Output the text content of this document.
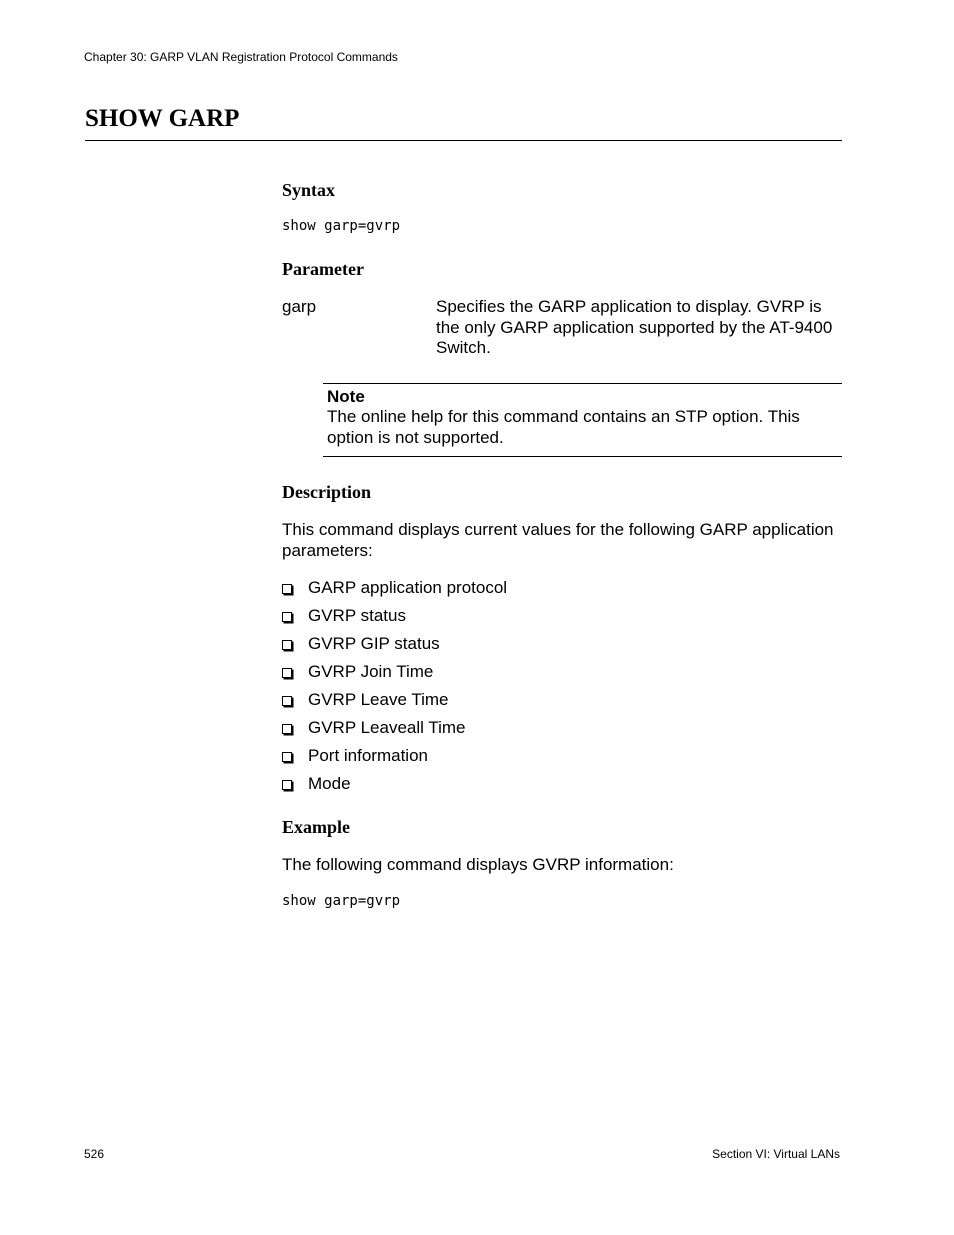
Chapter 30: GARP VLAN Registration Protocol Commands
SHOW GARP
Syntax
show garp=gvrp
Parameter
garp	Specifies the GARP application to display. GVRP is the only GARP application supported by the AT-9400 Switch.
Note
The online help for this command contains an STP option. This option is not supported.
Description
This command displays current values for the following GARP application parameters:
GARP application protocol
GVRP status
GVRP GIP status
GVRP Join Time
GVRP Leave Time
GVRP Leaveall Time
Port information
Mode
Example
The following command displays GVRP information:
show garp=gvrp
526	Section VI: Virtual LANs
